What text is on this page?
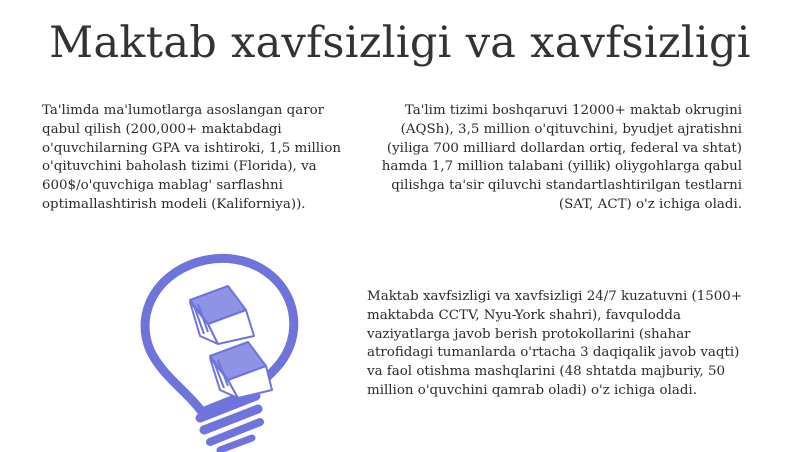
Maktab xavfsizligi va xavfsizligi
Ta'limda ma'lumotlarga asoslangan qaror qabul qilish (200,000+ maktabdagi o'quvchilarning GPA va ishtiroki, 1,5 million o'qituvchini baholash tizimi (Florida), va 600$/o'quvchiga mablag' sarflashni optimallashtirish modeli (Kaliforniya)).
Ta'lim tizimi boshqaruvi 12000+ maktab okrugini (AQSh), 3,5 million o'qituvchini, byudjet ajratishni (yiliga 700 milliard dollardan ortiq, federal va shtat) hamda 1,7 million talabani (yillik) oliygohlarga qabul qilishga ta'sir qiluvchi standartlashtirilgan testlarni (SAT, ACT) o'z ichiga oladi.
Maktab xavfsizligi va xavfsizligi 24/7 kuzatuvni (1500+ maktabda CCTV, Nyu-York shahri), favqulodda vaziyatlarga javob berish protokollarini (shahar atrofidagi tumanlarda o'rtacha 3 daqiqalik javob vaqti) va faol otishma mashqlarini (48 shtatda majburiy, 50 million o'quvchini qamrab oladi) o'z ichiga oladi.
